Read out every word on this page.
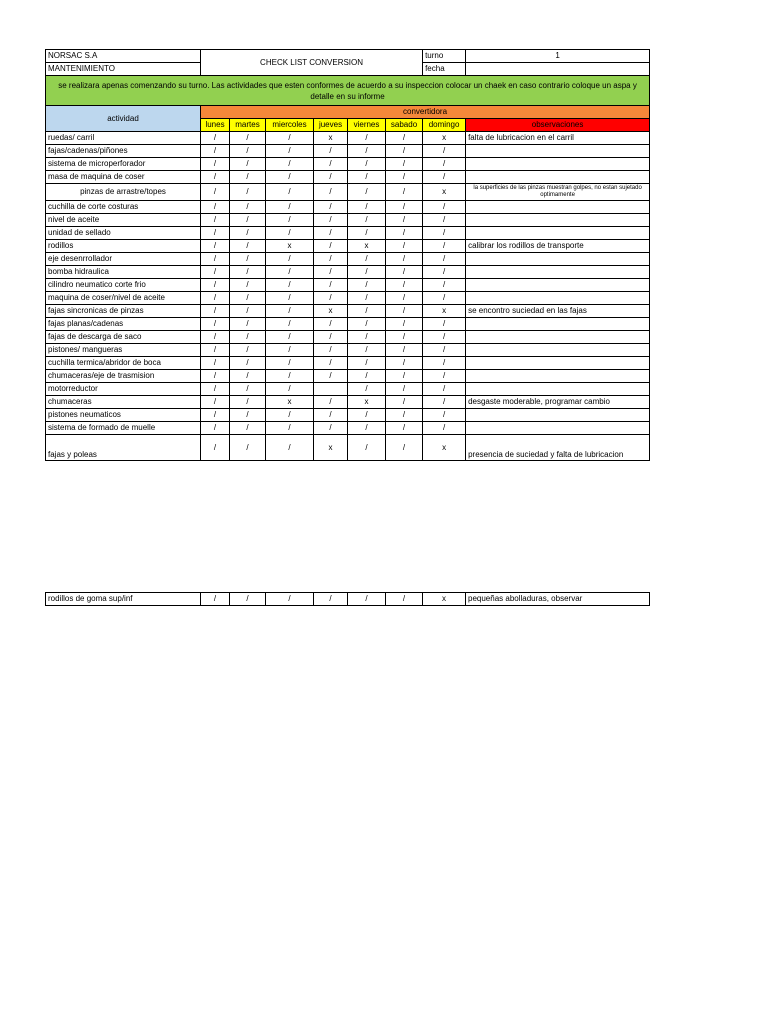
NORSAC S.A	CHECK LIST CONVERSION						turno	1
MANTENIMIENTO							fecha	
se realizara apenas comenzando su turno. Las actividades que esten conformes de acuerdo a su inspeccion colocar un chaek en caso contrario coloque un aspa y detalle en su informe								
actividad	convertidora							
	lunes	martes	miercoles	jueves	viernes	sabado	domingo	observaciones
ruedas/ carril	/	/	/	x	/	/	x	falta de lubricacion en el carril
fajas/cadenas/piñones	/	/	/	/	/	/	/	
sistema de microperforador	/	/	/	/	/	/	/	
masa de maquina de coser	/	/	/	/	/	/	/	
pinzas de arrastre/topes	/	/	/	/	/	/	x	la superficies de las pinzas muestran golpes, no estan sujetado optimamente
cuchilla de corte costuras	/	/	/	/	/	/	/	
nivel de aceite	/	/	/	/	/	/	/	
unidad de sellado	/	/	/	/	/	/	/	
rodillos	/	/	x	/	x	/	/	calibrar los rodillos de transporte
eje desenrrollador	/	/	/	/	/	/	/	
bomba hidraulica	/	/	/	/	/	/	/	
cilindro neumatico corte frio	/	/	/	/	/	/	/	
maquina de coser/nivel de aceite	/	/	/	/	/	/	/	
fajas sincronicas de pinzas	/	/	/	x	/	/	x	se encontro suciedad en las fajas
fajas planas/cadenas	/	/	/	/	/	/	/	
fajas de descarga de saco	/	/	/	/	/	/	/	
pistones/ mangueras	/	/	/	/	/	/	/	
cuchilla termica/abridor de boca	/	/	/	/	/	/	/	
chumaceras/eje de trasmision	/	/	/	/	/	/	/	
motorreductor	/	/	/		/	/	/	
chumaceras	/	/	x	/	x	/	/	desgaste moderable, programar cambio
pistones neumaticos	/	/	/	/	/	/	/	
sistema de formado de muelle	/	/	/	/	/	/	/	
fajas y poleas	/	/	/	x	/	/	x	presencia de suciedad y falta de lubricacion
rodillos de goma sup/inf	/	/	/	/	/	/	x	pequeñas abolladuras, observar
